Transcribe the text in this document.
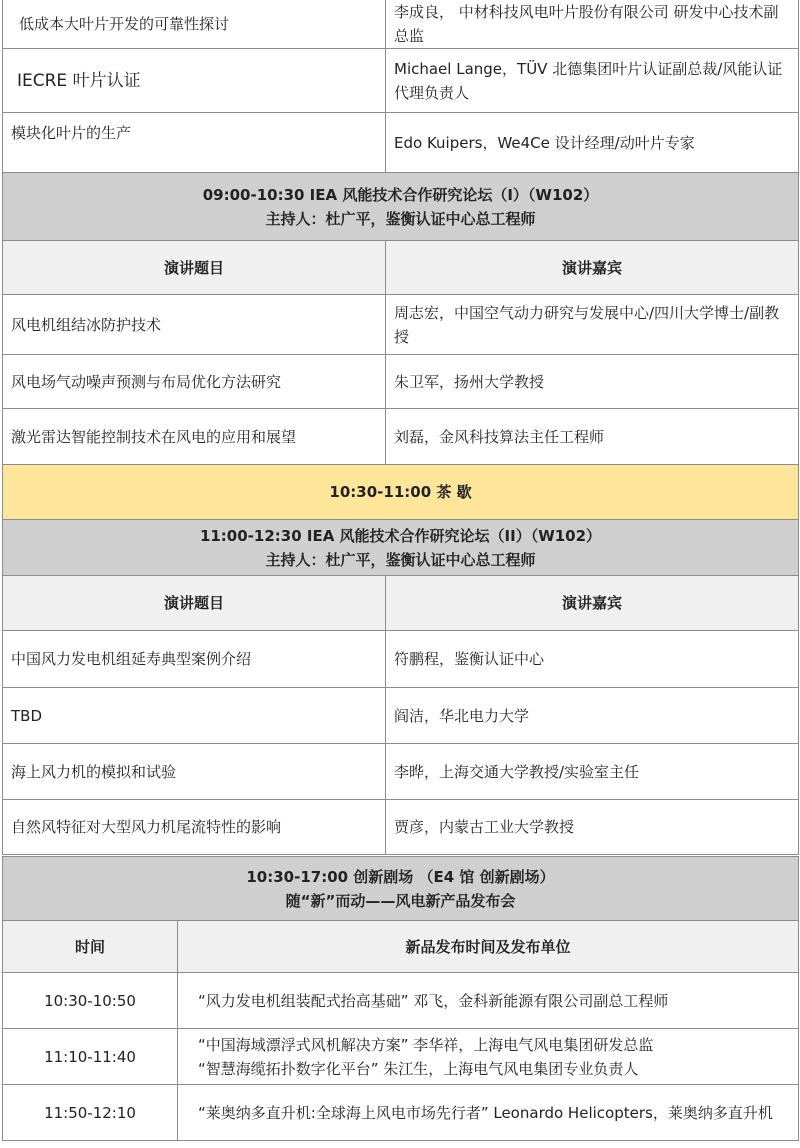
低成本大叶片开发的可靠性探讨	李成良， 中材科技风电叶片股份有限公司 研发中心技术副总监
IECRE 叶片认证	Michael Lange，TÜV 北德集团叶片认证副总裁/风能认证代理负责人
模块化叶片的生产	Edo Kuipers，We4Ce 设计经理/动叶片专家

09:00-10:30 IEA 风能技术合作研究论坛（I）（W102）
主持人：杜广平，鉴衡认证中心总工程师	

演讲题目	演讲嘉宾
风电机组结冰防护技术	周志宏，中国空气动力研究与发展中心/四川大学博士/副教授
风电场气动噪声预测与布局优化方法研究	朱卫军，扬州大学教授
激光雷达智能控制技术在风电的应用和展望	刘磊，金风科技算法主任工程师
10:30-11:00 茶 歇	

11:00-12:30 IEA 风能技术合作研究论坛（II）（W102）
主持人：杜广平，鉴衡认证中心总工程师	

演讲题目	演讲嘉宾
中国风力发电机组延寿典型案例介绍	符鹏程，鉴衡认证中心
TBD	阎洁，华北电力大学
海上风力机的模拟和试验	李晔，上海交通大学教授/实验室主任
自然风特征对大型风力机尾流特性的影响	贾彦，内蒙古工业大学教授
10:30-17:00 创新剧场 （E4 馆 创新剧场）
随“新”而动——风电新产品发布会	

时间	新品发布时间及发布单位
10:30-10:50	“风力发电机组装配式抬高基础” 邓飞，金科新能源有限公司副总工程师

11:10-11:40	“中国海域漂浮式风机解决方案” 李华祥，上海电气风电集团研发总监
“智慧海缆拓扑数字化平台” 朱江生，上海电气风电集团专业负责人

11:50-12:10	“莱奥纳多直升机:全球海上风电市场先行者” Leonardo Helicopters，莱奥纳多直升机
